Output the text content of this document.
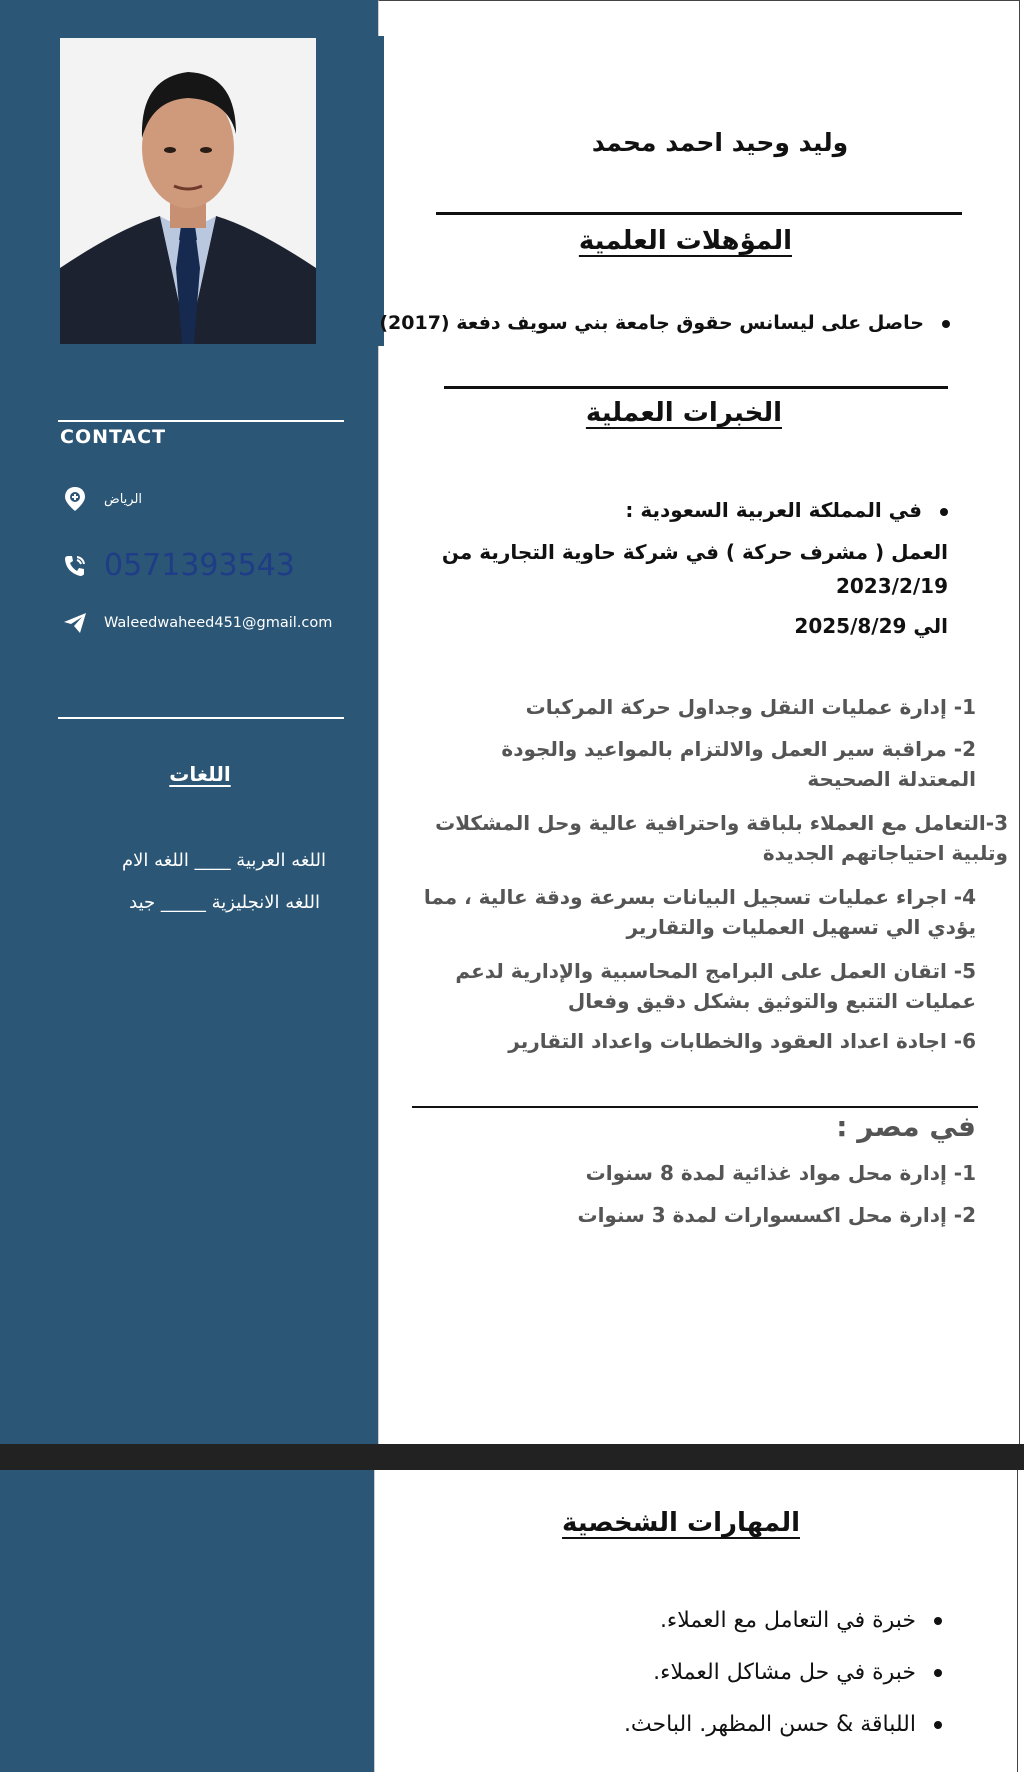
CONTACT
الرياض
0571393543
Waleedwaheed451@gmail.com
اللغات
اللغه العربية ____ اللغه الام
اللغه الانجليزية _____ جيد
وليد وحيد احمد محمد
المؤهلات العلمية
حاصل على ليسانس حقوق جامعة بني سويف دفعة (2017)
الخبرات العملية
في المملكة العربية السعودية :
العمل ( مشرف حركة ) في شركة حاوية التجارية من
2023/2/19
الي 2025/8/29
1- إدارة عمليات النقل وجداول حركة المركبات
2- مراقبة سير العمل والالتزام بالمواعيد والجودة المعتدلة الصحيحة
3-التعامل مع العملاء بلباقة واحترافية عالية وحل المشكلات وتلبية احتياجاتهم الجديدة
4- اجراء عمليات تسجيل البيانات بسرعة ودقة عالية ، مما يؤدي الي تسهيل العمليات والتقارير
5- اتقان العمل على البرامج المحاسبية والإدارية لدعم عمليات التتبع والتوثيق بشكل دقيق وفعال
6- اجادة اعداد العقود والخطابات واعداد التقارير
في مصر :
1- إدارة محل مواد غذائية لمدة 8 سنوات
2- إدارة محل اكسسوارات لمدة 3 سنوات
المهارات الشخصية
خبرة في التعامل مع العملاء.
خبرة في حل مشاكل العملاء.
اللباقة & حسن المظهر. الباحث.
